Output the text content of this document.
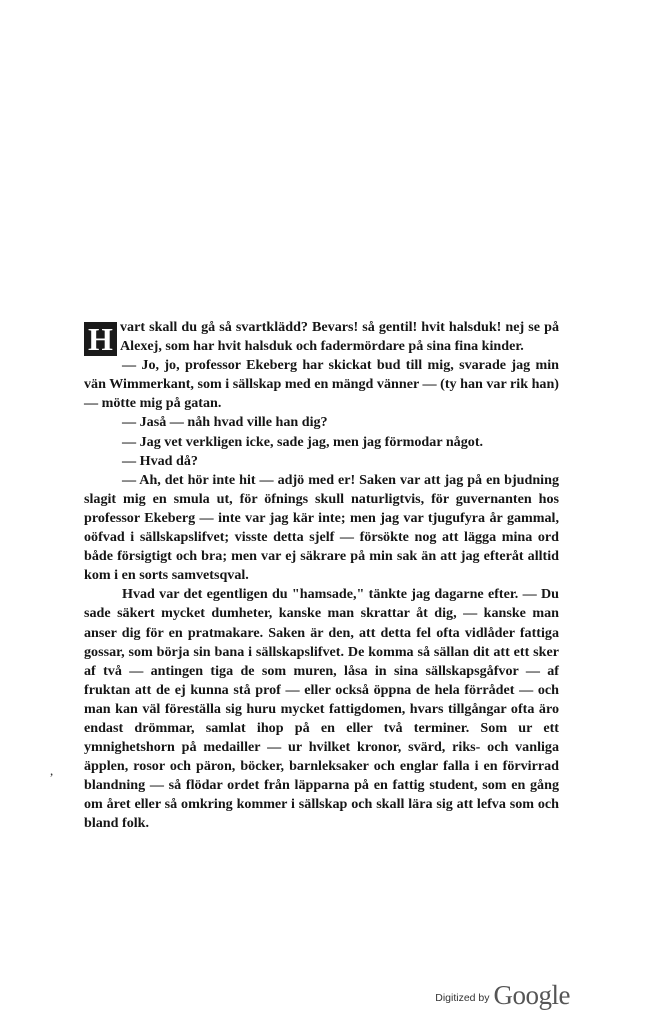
H vart skall du gå så svartklädd? Bevars! så gentil! hvit halsduk! nej se på Alexej, som har hvit halsduk och fadermördare på sina fina kinder.

— Jo, jo, professor Ekeberg har skickat bud till mig, svarade jag min vän Wimmerkant, som i sällskap med en mängd vänner — (ty han var rik han) — mötte mig på gatan.

— Jaså — nåh hvad ville han dig?

— Jag vet verkligen icke, sade jag, men jag förmodar något.

— Hvad då?

— Ah, det hör inte hit — adjö med er! Saken var att jag på en bjudning slagit mig en smula ut, för öfnings skull naturligtvis, för guvernanten hos professor Ekeberg — inte var jag kär inte; men jag var tjugufyra år gammal, oöfvad i sällskapslifvet; visste detta sjelf — försökte nog att lägga mina ord både försigtigt och bra; men var ej säkrare på min sak än att jag efteråt alltid kom i en sorts samvetsqval.

Hvad var det egentligen du "hamsade," tänkte jag dagarne efter. — Du sade säkert mycket dumheter, kanske man skrattar åt dig, — kanske man anser dig för en pratmakare. Saken är den, att detta fel ofta vidlåder fattiga gossar, som börja sin bana i sällskapslifvet. De komma så sällan dit att ett sker af två — antingen tiga de som muren, låsa in sina sällskapsgåfvor — af fruktan att de ej kunna stå prof — eller också öppna de hela förrådet — och man kan väl föreställa sig huru mycket fattigdomen, hvars tillgångar ofta äro endast drömmar, samlat ihop på en eller två terminer. Som ur ett ymnighetshorn på medailler — ur hvilket kronor, svärd, riks- och vanliga äpplen, rosor och päron, böcker, barnleksaker och englar falla i en förvirrad blandning — så flödar ordet från läpparna på en fattig student, som en gång om året eller så omkring kommer i sällskap och skall lära sig att lefva som och bland folk.

,
Digitized by Google
